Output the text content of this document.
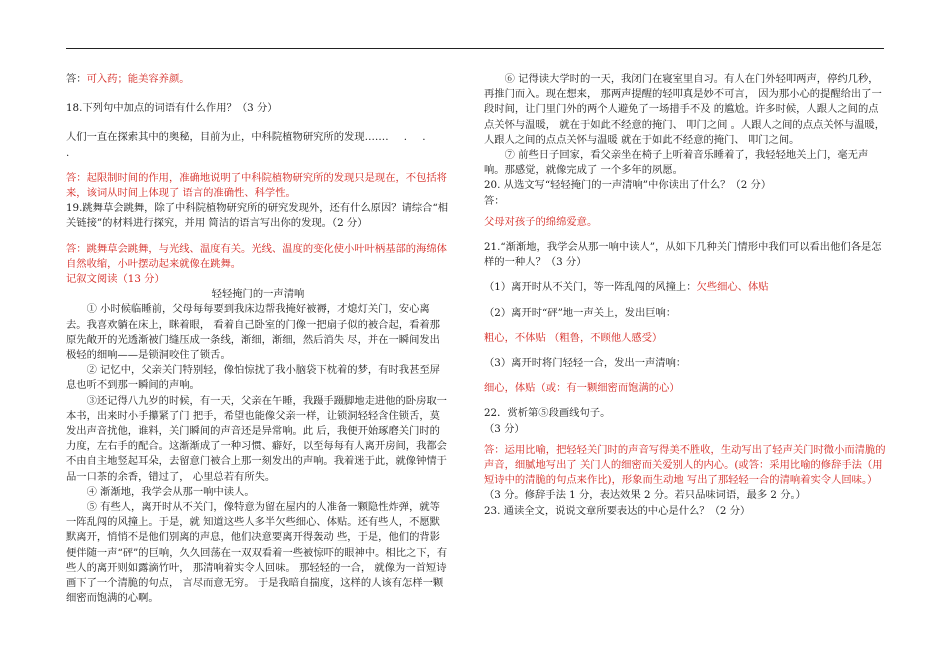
答：可入药；能美容养颜。

18.下列句中加点的词语有什么作用？（3 分）

人们一直在探索其中的奥秘，目前为止，中科院植物研究所的发现……. . . .

答：起限制时间的作用，准确地说明了中科院植物研究所的发现只是现在，不包括将来，该词从时间上体现了 语言的准确性、科学性。

19.跳舞草会跳舞，除了中科院植物研究所的研究发现外，还有什么原因？请综合“相关链接”的材料进行探究，并用 简洁的语言写出你的发现。（2 分）

答：跳舞草会跳舞，与光线、温度有关。光线、温度的变化使小叶叶柄基部的海绵体自然收缩，小叶摆动起来就像在跳舞。

记叙文阅读（13 分）

轻轻掩门的一声清响

① 小时候临睡前，父母每每要到我床边帮我掩好被褥，才熄灯关门，安心离去。我喜欢躺在床上，眯着眼， 看着自己卧室的门像一把扇子似的被合起，看着那原先敞开的光透渐被门缝压成一条线，渐细，渐细，然后消失 尽，并在一瞬间发出极轻的细响——是锁洞咬住了锁舌。

② 记忆中，父亲关门特别轻，像怕惊扰了我小脑袋下枕着的梦，有时我甚至屏息也听不到那一瞬间的声响。

③还记得八九岁的时候，有一天，父亲在午睡，我蹑手蹑脚地走进他的卧房取一本书，出来时小手攥紧了门 把手，希望也能像父亲一样，让锁洞轻轻含住锁舌，莫发出声音扰他，谁料，关门瞬间的声音还是异常响。此 后，我便开始琢磨关门时的力度，左右手的配合。这渐渐成了一种习惯、癖好，以至每每有人离开房间，我都会 不由自主地竖起耳朵，去留意门被合上那一刻发出的声响。我着迷于此，就像钟情于品一口茶的余香，错过了， 心里总若有所失。

④ 渐渐地，我学会从那一响中读人。

⑤ 有些人，离开时从不关门，像特意为留在屋内的人准备一颗隐性炸弹，就等一阵乱闯的风撞上。于是，就 知道这些人多半欠些细心、体贴。还有些人，不愿默默离开，悄悄不是他们别离的声息，他们决意要离开得轰动 些，于是，他们的背影便伴随一声“砰”的巨响，久久回荡在一双双看着一些被惊吓的眼神中。相比之下，有些人的离开则如露滴竹叶， 那清响着实令人回味。 那轻轻的一合， 就像为一首短诗画下了一个清脆的句点， 言尽而意无穷。 于是我暗自揣度，这样的人该有怎样一颗细密而饱满的心啊。

⑥ 记得读大学时的一天，我闭门在寝室里自习。有人在门外轻叩两声，停约几秒，再推门而入。现在想来， 那两声提醒的轻叩真是妙不可言， 因为那小心的提醒给出了一段时间，让门里门外的两个人避免了一场措手不及 的尴尬。许多时候，人跟人之间的点点关怀与温暖， 就在于如此不经意的掩门、 叩门之间 。人跟人之间的点点关怀与温暖， 人跟人之间的点点关怀与温暖 就在于如此不经意的掩门、 叩门之间。

⑦ 前些日子回家，看父亲坐在椅子上听着音乐睡着了，我轻轻地关上门，毫无声响。那感觉，就像完成了 一个多年的夙愿。

20. 从选文写“轻轻掩门的一声清响”中你读出了什么？（2 分）

答：

父母对孩子的绵绵爱意。

21.“渐渐地，我学会从那一响中读人”，从如下几种关门情形中我们可以看出他们各是怎样的一种人？（3 分）

（1）离开时从不关门，等一阵乱闯的风撞上：欠些细心、体贴

（2）离开时“砰”地一声关上，发出巨响：

粗心，不体贴 （粗鲁，不顾他人感受）

（3）离开时将门轻轻一合，发出一声清响：

细心，体贴（或：有一颗细密而饱满的心）

22．赏析第⑤段画线句子。

（3 分）

答：运用比喻，把轻轻关门时的声音写得美不胜收，生动写出了轻声关门时微小而清脆的声音，细腻地写出了 关门人的细密而关爱别人的内心。(或答：采用比喻的修辞手法（用短诗中的清脆的句点来作比)，形象而生动地 写出了那轻轻一合的清响着实令人回味。）（3 分。修辞手法 1 分，表达效果 2 分。若只品味词语，最多 2 分。）

23. 通读全文，说说文章所要表达的中心是什么？（2 分）
